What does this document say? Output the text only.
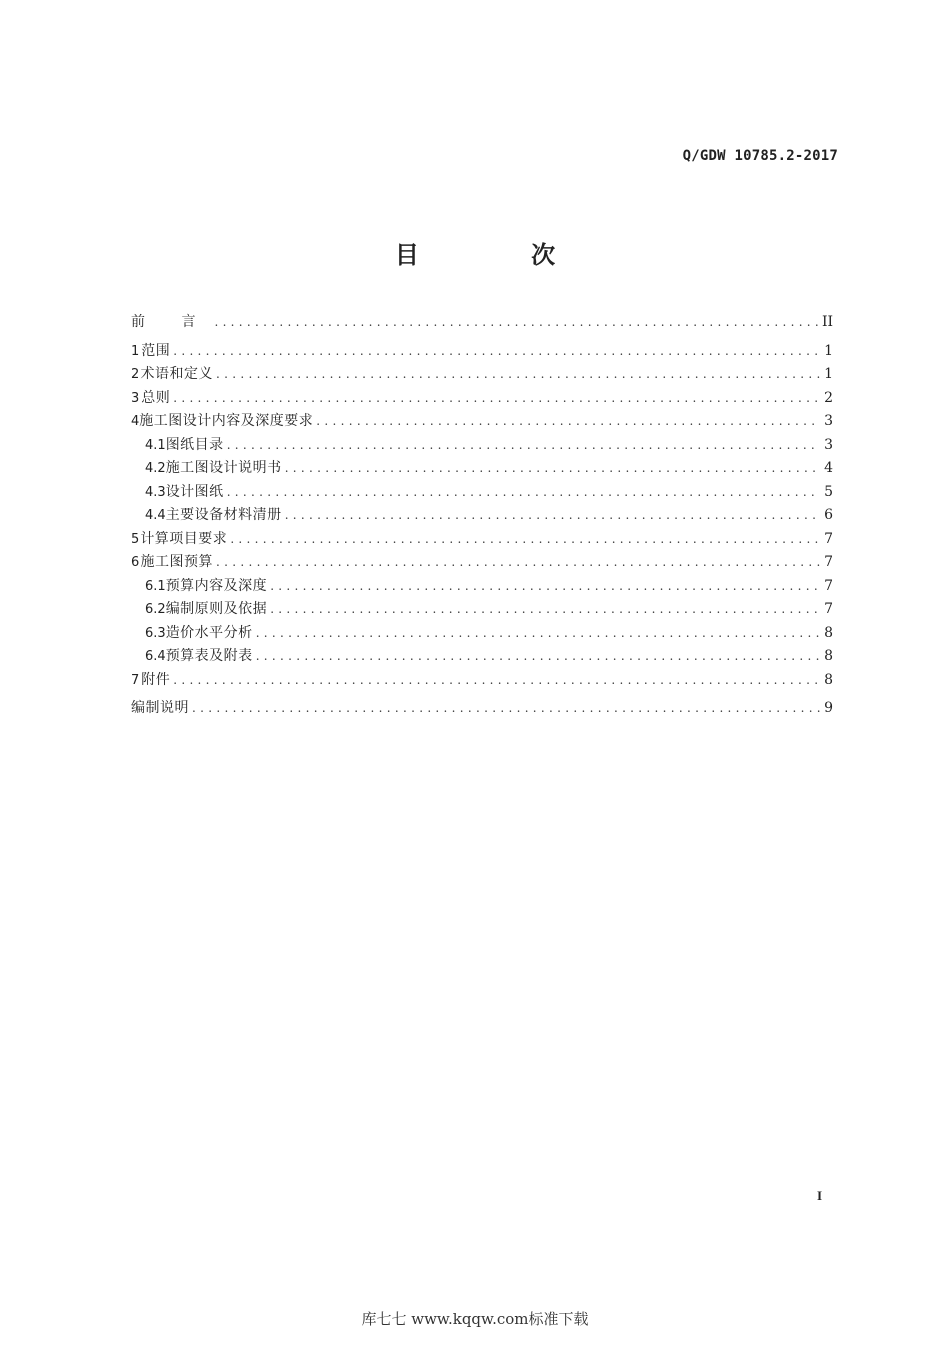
Q/GDW 10785.2-2017
目 次
前 言 .....	II
1 范围 .....	1
2 术语和定义 .....	1
3 总则 .....	2
4 施工图设计内容及深度要求 .....	3
4.1 图纸目录 .....	3
4.2 施工图设计说明书 .....	4
4.3 设计图纸 .....	5
4.4 主要设备材料清册 .....	6
5 计算项目要求 .....	7
6 施工图预算 .....	7
6.1 预算内容及深度 .....	7
6.2 编制原则及依据 .....	7
6.3 造价水平分析 .....	8
6.4 预算表及附表 .....	8
7 附件 .....	8
编制说明 .....	9
I
库七七 www.kqqw.com标准下载
